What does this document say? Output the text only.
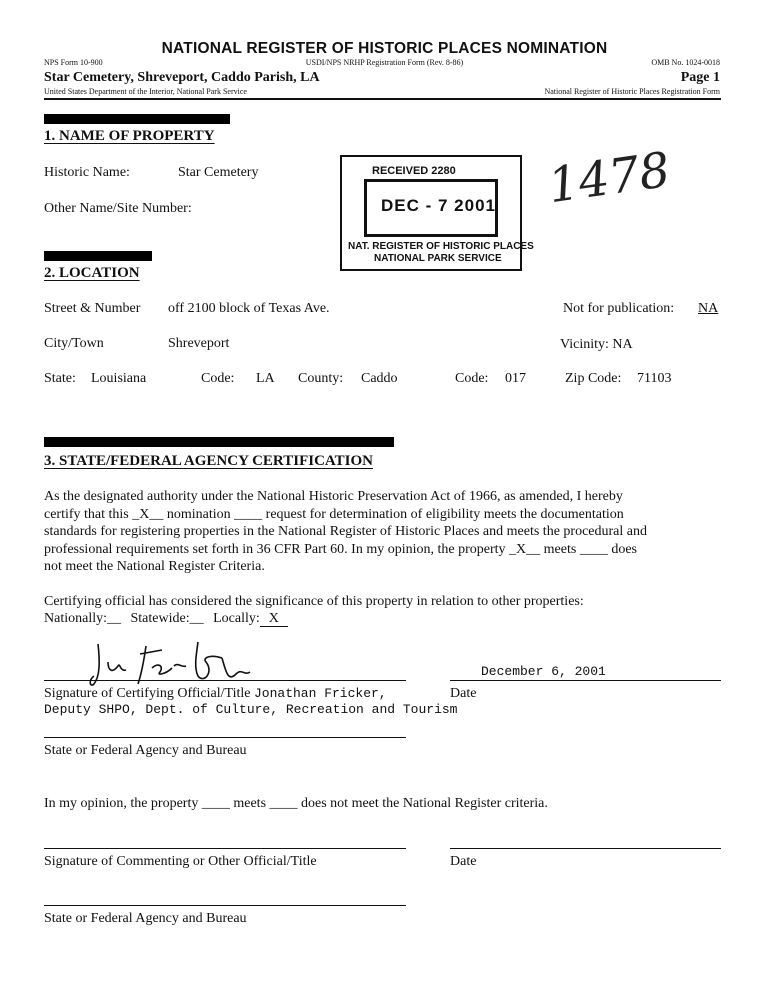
NATIONAL REGISTER OF HISTORIC PLACES NOMINATION
NPS Form 10-900	USDI/NPS NRHP Registration Form (Rev. 8-86)	OMB No. 1024-0018
Star Cemetery, Shreveport, Caddo Parish, LA	Page 1
United States Department of the Interior, National Park Service	National Register of Historic Places Registration Form
1. NAME OF PROPERTY
Historic Name:	Star Cemetery
Other Name/Site Number:
RECEIVED 2280
DEC - 7 2001
NAT. REGISTER OF HISTORIC PLACES
NATIONAL PARK SERVICE
1478
2. LOCATION
Street & Number off 2100 block of Texas Ave.	Not for publication: NA
City/Town	Shreveport	Vicinity: NA
State: Louisiana	Code: LA County: Caddo	Code: 017	Zip Code: 71103
3. STATE/FEDERAL AGENCY CERTIFICATION
As the designated authority under the National Historic Preservation Act of 1966, as amended, I hereby
certify that this _X__ nomination ____ request for determination of eligibility meets the documentation
standards for registering properties in the National Register of Historic Places and meets the procedural and
professional requirements set forth in 36 CFR Part 60. In my opinion, the property _X__ meets ____ does
not meet the National Register Criteria.
Certifying official has considered the significance of this property in relation to other properties:
Nationally:__ Statewide:__ Locally: X
December 6, 2001
Signature of Certifying Official/Title Jonathan Fricker,
Deputy SHPO, Dept. of Culture, Recreation and Tourism
Date
State or Federal Agency and Bureau
In my opinion, the property ____ meets ____ does not meet the National Register criteria.
Signature of Commenting or Other Official/Title	Date
State or Federal Agency and Bureau
